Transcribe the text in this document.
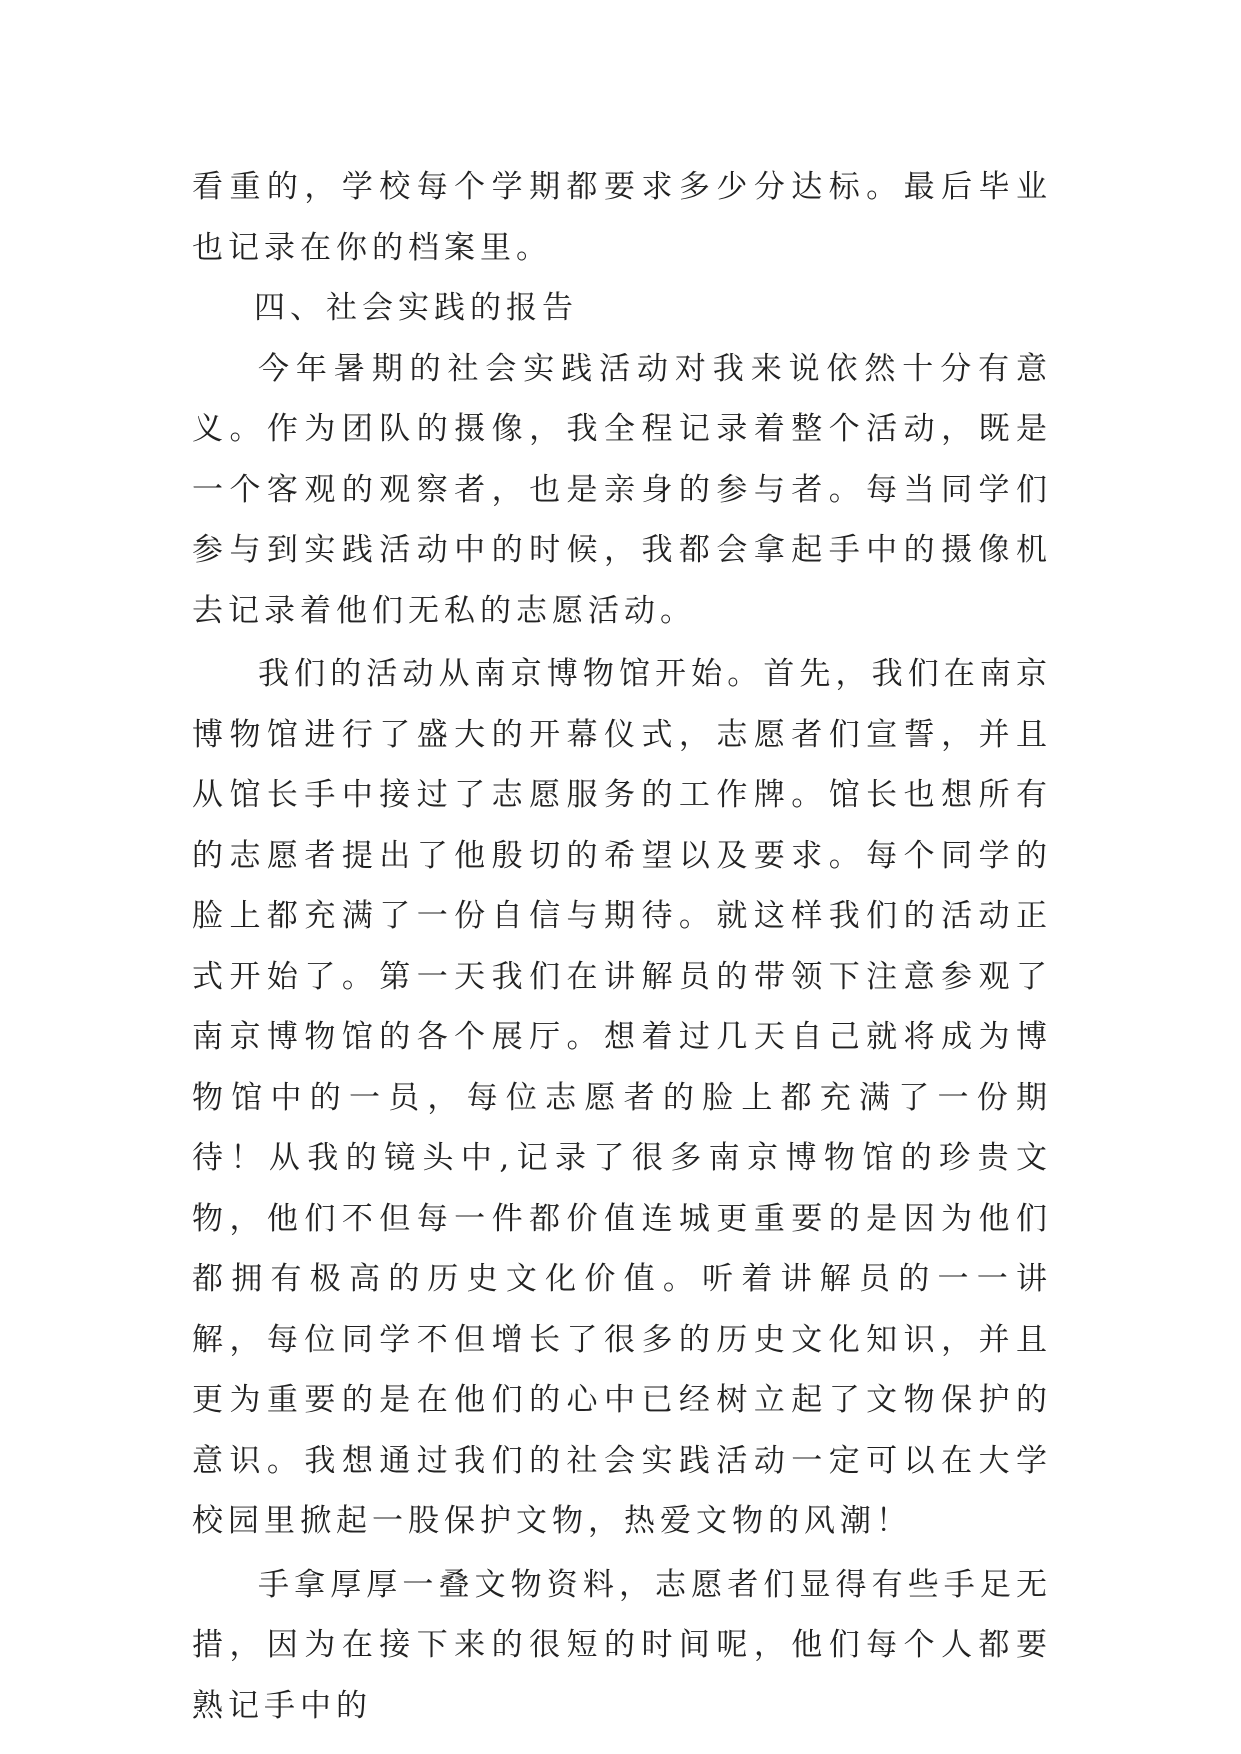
看重的，学校每个学期都要求多少分达标。最后毕业也记录在你的档案里。

四、社会实践的报告

今年暑期的社会实践活动对我来说依然十分有意义。作为团队的摄像，我全程记录着整个活动，既是一个客观的观察者，也是亲身的参与者。每当同学们参与到实践活动中的时候，我都会拿起手中的摄像机去记录着他们无私的志愿活动。

我们的活动从南京博物馆开始。首先，我们在南京博物馆进行了盛大的开幕仪式，志愿者们宣誓，并且从馆长手中接过了志愿服务的工作牌。馆长也想所有的志愿者提出了他殷切的希望以及要求。每个同学的脸上都充满了一份自信与期待。就这样我们的活动正式开始了。第一天我们在讲解员的带领下注意参观了南京博物馆的各个展厅。想着过几天自己就将成为博物馆中的一员，每位志愿者的脸上都充满了一份期待！从我的镜头中,记录了很多南京博物馆的珍贵文物，他们不但每一件都价值连城更重要的是因为他们都拥有极高的历史文化价值。听着讲解员的一一讲解，每位同学不但增长了很多的历史文化知识，并且更为重要的是在他们的心中已经树立起了文物保护的意识。我想通过我们的社会实践活动一定可以在大学校园里掀起一股保护文物，热爱文物的风潮！

手拿厚厚一叠文物资料，志愿者们显得有些手足无措，因为在接下来的很短的时间呢，他们每个人都要熟记手中的
